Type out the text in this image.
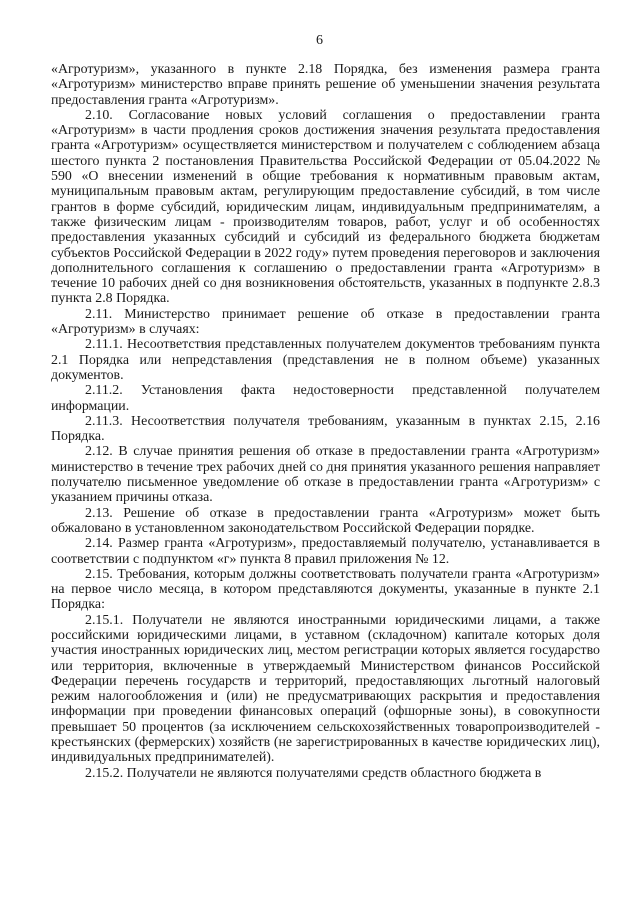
6

«Агротуризм», указанного в пункте 2.18 Порядка, без изменения размера гранта «Агротуризм» министерство вправе принять решение об уменьшении значения результата предоставления гранта «Агротуризм».

2.10. Согласование новых условий соглашения о предоставлении гранта «Агротуризм» в части продления сроков достижения значения результата предоставления гранта «Агротуризм» осуществляется министерством и получателем с соблюдением абзаца шестого пункта 2 постановления Правительства Российской Федерации от 05.04.2022 № 590 «О внесении изменений в общие требования к нормативным правовым актам, муниципальным правовым актам, регулирующим предоставление субсидий, в том числе грантов в форме субсидий, юридическим лицам, индивидуальным предпринимателям, а также физическим лицам - производителям товаров, работ, услуг и об особенностях предоставления указанных субсидий и субсидий из федерального бюджета бюджетам субъектов Российской Федерации в 2022 году» путем проведения переговоров и заключения дополнительного соглашения к соглашению о предоставлении гранта «Агротуризм» в течение 10 рабочих дней со дня возникновения обстоятельств, указанных в подпункте 2.8.3 пункта 2.8 Порядка.

2.11. Министерство принимает решение об отказе в предоставлении гранта «Агротуризм» в случаях:

2.11.1. Несоответствия представленных получателем документов требованиям пункта 2.1 Порядка или непредставления (представления не в полном объеме) указанных документов.

2.11.2. Установления факта недостоверности представленной получателем информации.

2.11.3. Несоответствия получателя требованиям, указанным в пунктах 2.15, 2.16 Порядка.

2.12. В случае принятия решения об отказе в предоставлении гранта «Агротуризм» министерство в течение трех рабочих дней со дня принятия указанного решения направляет получателю письменное уведомление об отказе в предоставлении гранта «Агротуризм» с указанием причины отказа.

2.13. Решение об отказе в предоставлении гранта «Агротуризм» может быть обжаловано в установленном законодательством Российской Федерации порядке.

2.14. Размер гранта «Агротуризм», предоставляемый получателю, устанавливается в соответствии с подпунктом «г» пункта 8 правил приложения № 12.

2.15. Требования, которым должны соответствовать получатели гранта «Агротуризм» на первое число месяца, в котором представляются документы, указанные в пункте 2.1 Порядка:

2.15.1. Получатели не являются иностранными юридическими лицами, а также российскими юридическими лицами, в уставном (складочном) капитале которых доля участия иностранных юридических лиц, местом регистрации которых является государство или территория, включенные в утверждаемый Министерством финансов Российской Федерации перечень государств и территорий, предоставляющих льготный налоговый режим налогообложения и (или) не предусматривающих раскрытия и предоставления информации при проведении финансовых операций (офшорные зоны), в совокупности превышает 50 процентов (за исключением сельскохозяйственных товаропроизводителей - крестьянских (фермерских) хозяйств (не зарегистрированных в качестве юридических лиц), индивидуальных предпринимателей).

2.15.2. Получатели не являются получателями средств областного бюджета в
